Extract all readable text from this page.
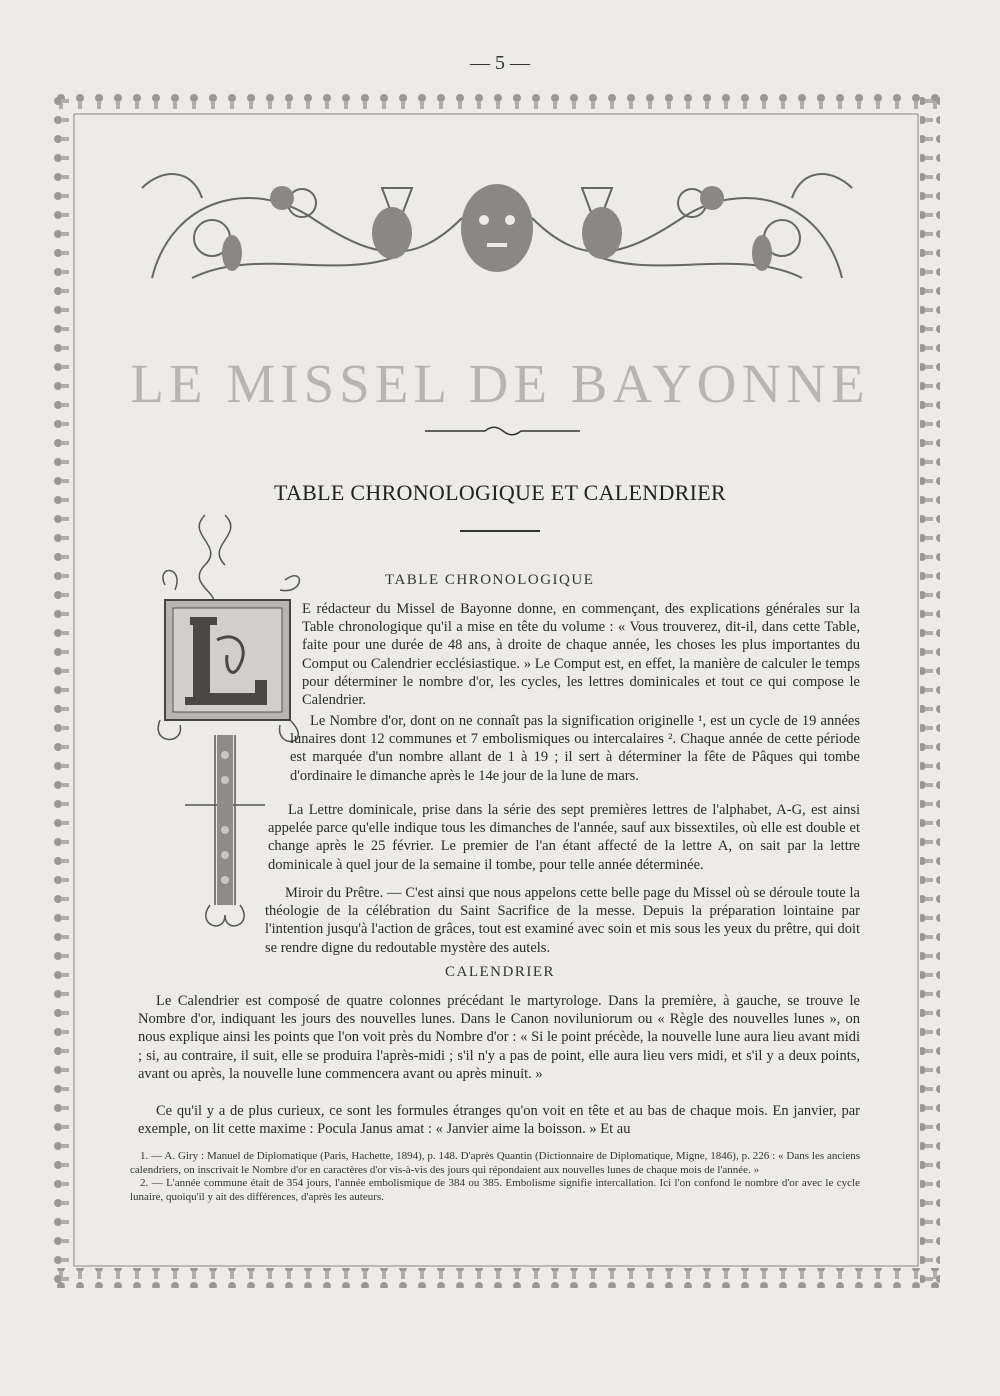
— 5 —
LE MISSEL DE BAYONNE
TABLE CHRONOLOGIQUE ET CALENDRIER
TABLE CHRONOLOGIQUE
E rédacteur du Missel de Bayonne donne, en commençant, des explications générales sur la Table chronologique qu'il a mise en tête du volume : « Vous trouverez, dit-il, dans cette Table, faite pour une durée de 48 ans, à droite de chaque année, les choses les plus importantes du Comput ou Calendrier ecclésiastique. » Le Comput est, en effet, la manière de calculer le temps pour déterminer le nombre d'or, les cycles, les lettres dominicales et tout ce qui compose le Calendrier.
Le Nombre d'or, dont on ne connaît pas la signification originelle ¹, est un cycle de 19 années lunaires dont 12 communes et 7 embolismiques ou intercalaires ². Chaque année de cette période est marquée d'un nombre allant de 1 à 19 ; il sert à déterminer la fête de Pâques qui tombe d'ordinaire le dimanche après le 14e jour de la lune de mars.
La Lettre dominicale, prise dans la série des sept premières lettres de l'alphabet, A-G, est ainsi appelée parce qu'elle indique tous les dimanches de l'année, sauf aux bissextiles, où elle est double et change après le 25 février. Le premier de l'an étant affecté de la lettre A, on sait par la lettre dominicale à quel jour de la semaine il tombe, pour telle année déterminée.
Miroir du Prêtre. — C'est ainsi que nous appelons cette belle page du Missel où se déroule toute la théologie de la célébration du Saint Sacrifice de la messe. Depuis la préparation lointaine par l'intention jusqu'à l'action de grâces, tout est examiné avec soin et mis sous les yeux du prêtre, qui doit se rendre digne du redoutable mystère des autels.
CALENDRIER
Le Calendrier est composé de quatre colonnes précédant le martyrologe. Dans la première, à gauche, se trouve le Nombre d'or, indiquant les jours des nouvelles lunes. Dans le Canon noviluniorum ou « Règle des nouvelles lunes », on nous explique ainsi les points que l'on voit près du Nombre d'or : « Si le point précède, la nouvelle lune aura lieu avant midi ; si, au contraire, il suit, elle se produira l'après-midi ; s'il n'y a pas de point, elle aura lieu vers midi, et s'il y a deux points, avant ou après, la nouvelle lune commencera avant ou après minuit. »
Ce qu'il y a de plus curieux, ce sont les formules étranges qu'on voit en tête et au bas de chaque mois. En janvier, par exemple, on lit cette maxime : Pocula Janus amat : « Janvier aime la boisson. » Et au

1. — A. Giry : Manuel de Diplomatique (Paris, Hachette, 1894), p. 148. D'après Quantin (Dictionnaire de Diplomatique, Migne, 1846), p. 226 : « Dans les anciens calendriers, on inscrivait le Nombre d'or en caractères d'or vis-à-vis des jours qui répondaient aux nouvelles lunes de chaque mois de l'année. »

2. — L'année commune était de 354 jours, l'année embolismique de 384 ou 385. Embolisme signifie intercallation. Ici l'on confond le nombre d'or avec le cycle lunaire, quoiqu'il y ait des différences, d'après les auteurs.
